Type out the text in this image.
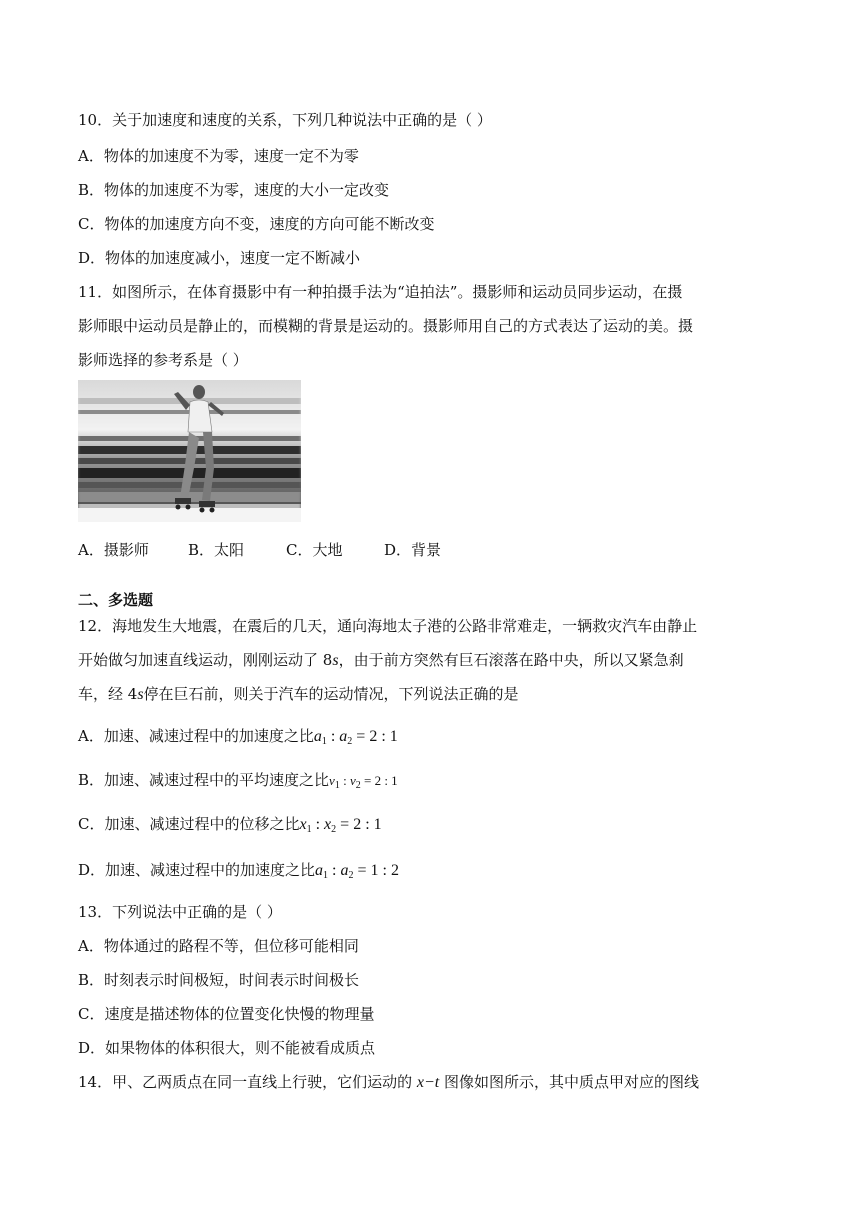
10．关于加速度和速度的关系，下列几种说法中正确的是（ ）
A．物体的加速度不为零，速度一定不为零
B．物体的加速度不为零，速度的大小一定改变
C．物体的加速度方向不变，速度的方向可能不断改变
D．物体的加速度减小，速度一定不断减小
11．如图所示，在体育摄影中有一种拍摄手法为“追拍法”。摄影师和运动员同步运动，在摄
影师眼中运动员是静止的，而模糊的背景是运动的。摄影师用自己的方式表达了运动的美。摄
影师选择的参考系是（ ）
A．摄影师	B．太阳	C．大地	D．背景
二、多选题
12．海地发生大地震，在震后的几天，通向海地太子港的公路非常难走，一辆救灾汽车由静止
开始做匀加速直线运动，刚刚运动了 8s，由于前方突然有巨石滚落在路中央，所以又紧急刹
车，经 4s停在巨石前，则关于汽车的运动情况，下列说法正确的是
A．加速、减速过程中的加速度之比$a_1$ : $a_2 = 2$ : 1
B．加速、减速过程中的平均速度之比$v_1$ : $v_2 = 2$ : 1
C．加速、减速过程中的位移之比$x_1$ : $x_2 = 2$ : 1
D．加速、减速过程中的加速度之比$a_1$ : $a_2 = 1$ : 2
13．下列说法中正确的是（ ）
A．物体通过的路程不等，但位移可能相同
B．时刻表示时间极短，时间表示时间极长
C．速度是描述物体的位置变化快慢的物理量
D．如果物体的体积很大，则不能被看成质点
14．甲、乙两质点在同一直线上行驶，它们运动的 x−t 图像如图所示，其中质点甲对应的图线
